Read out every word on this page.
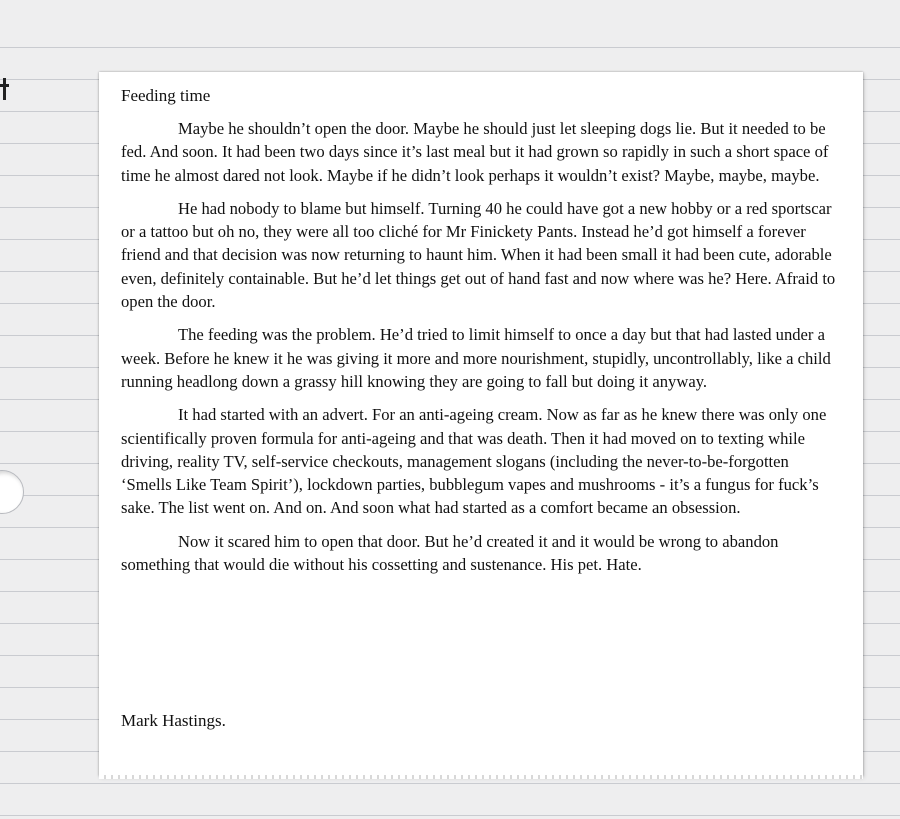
Feeding time

Maybe he shouldn’t open the door. Maybe he should just let sleeping dogs lie. But it needed to be fed. And soon. It had been two days since it’s last meal but it had grown so rapidly in such a short space of time he almost dared not look. Maybe if he didn’t look perhaps it wouldn’t exist? Maybe, maybe, maybe.

He had nobody to blame but himself. Turning 40 he could have got a new hobby or a red sportscar or a tattoo but oh no, they were all too cliché for Mr Finickety Pants. Instead he’d got himself a forever friend and that decision was now returning to haunt him. When it had been small it had been cute, adorable even, definitely containable. But he’d let things get out of hand fast and now where was he? Here. Afraid to open the door.

The feeding was the problem. He’d tried to limit himself to once a day but that had lasted under a week. Before he knew it he was giving it more and more nourishment, stupidly, uncontrollably, like a child running headlong down a grassy hill knowing they are going to fall but doing it anyway.

It had started with an advert. For an anti-ageing cream. Now as far as he knew there was only one scientifically proven formula for anti-ageing and that was death. Then it had moved on to texting while driving, reality TV, self-service checkouts, management slogans (including the never-to-be-forgotten ‘Smells Like Team Spirit’), lockdown parties, bubblegum vapes and mushrooms - it’s a fungus for fuck’s sake. The list went on. And on. And soon what had started as a comfort became an obsession.

Now it scared him to open that door. But he’d created it and it would be wrong to abandon something that would die without his cossetting and sustenance. His pet. Hate.

Mark Hastings.
